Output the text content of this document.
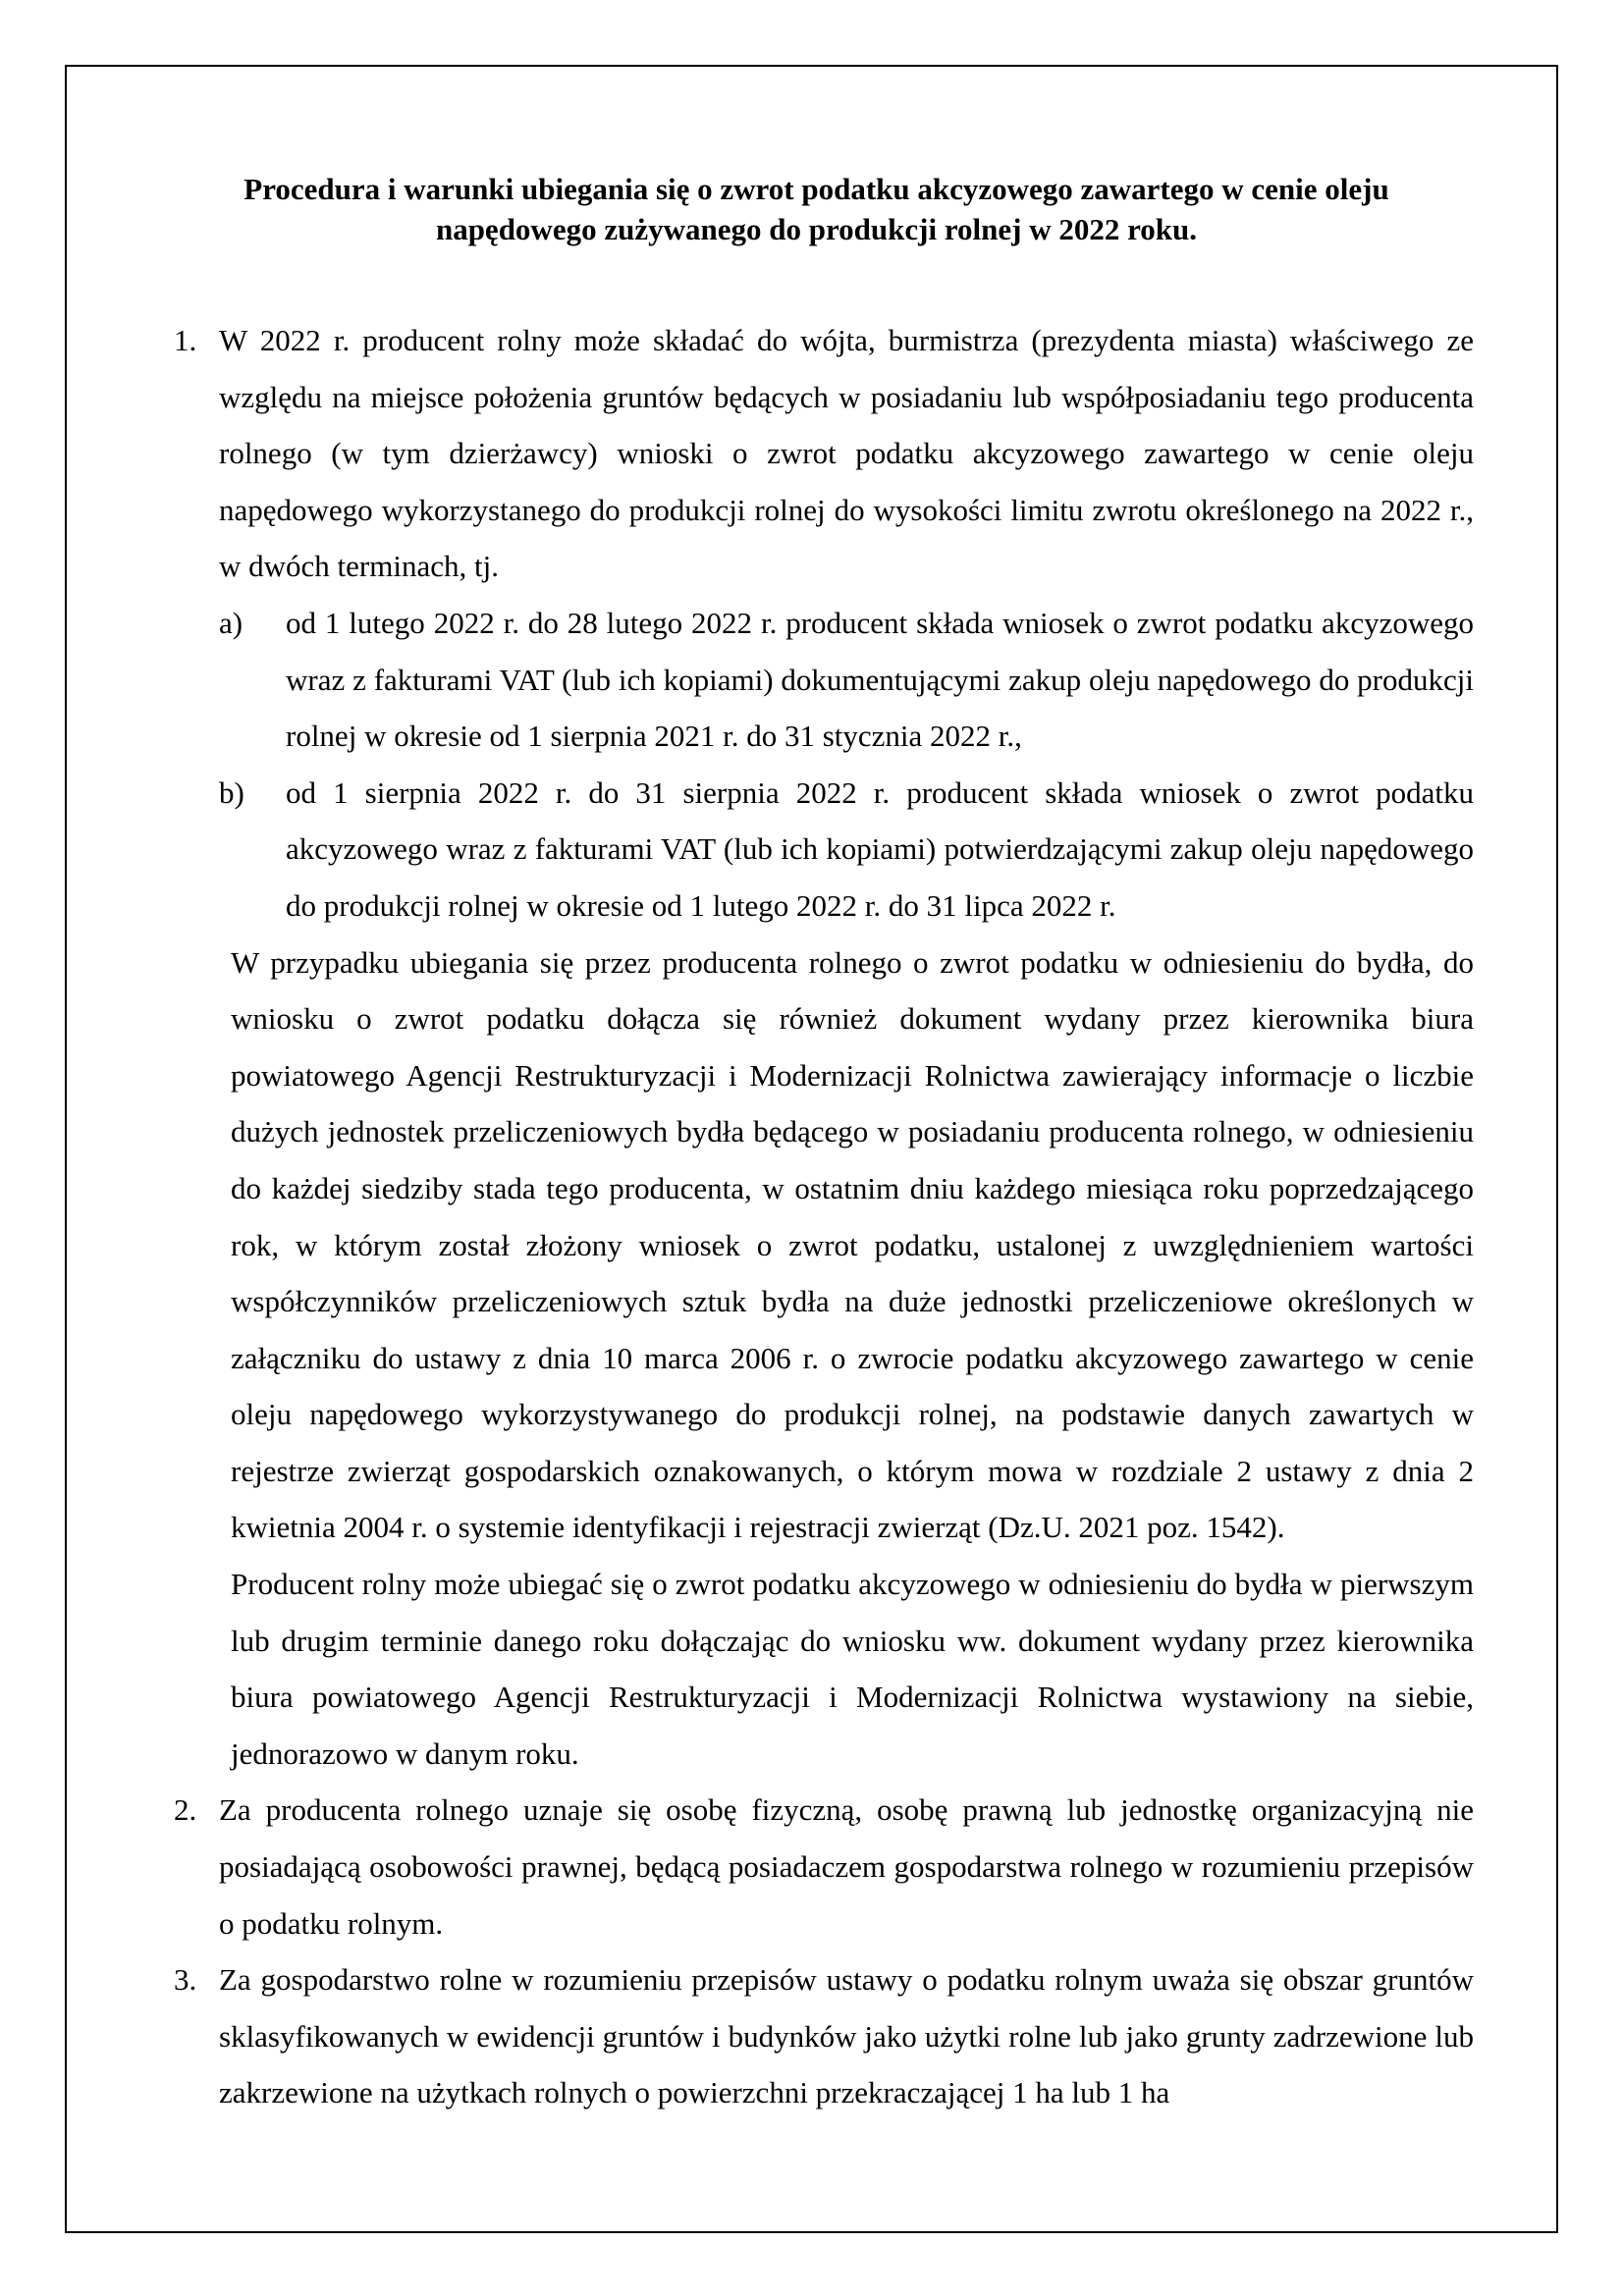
Procedura i warunki ubiegania się o zwrot podatku akcyzowego zawartego w cenie oleju
napędowego zużywanego do produkcji rolnej w 2022 roku.
1. W 2022 r. producent rolny może składać do wójta, burmistrza (prezydenta miasta) właściwego ze względu na miejsce położenia gruntów będących w posiadaniu lub współposiadaniu tego producenta rolnego (w tym dzierżawcy) wnioski o zwrot podatku akcyzowego zawartego w cenie oleju napędowego wykorzystanego do produkcji rolnej do wysokości limitu zwrotu określonego na 2022 r., w dwóch terminach, tj.

a) od 1 lutego 2022 r. do 28 lutego 2022 r. producent składa wniosek o zwrot podatku akcyzowego wraz z fakturami VAT (lub ich kopiami) dokumentującymi zakup oleju napędowego do produkcji rolnej w okresie od 1 sierpnia 2021 r. do 31 stycznia 2022 r.,
b) od 1 sierpnia 2022 r. do 31 sierpnia 2022 r. producent składa wniosek o zwrot podatku akcyzowego wraz z fakturami VAT (lub ich kopiami) potwierdzającymi zakup oleju napędowego do produkcji rolnej w okresie od 1 lutego 2022 r. do 31 lipca 2022 r.

W przypadku ubiegania się przez producenta rolnego o zwrot podatku w odniesieniu do bydła, do wniosku o zwrot podatku dołącza się również dokument wydany przez kierownika biura powiatowego Agencji Restrukturyzacji i Modernizacji Rolnictwa zawierający informacje o liczbie dużych jednostek przeliczeniowych bydła będącego w posiadaniu producenta rolnego, w odniesieniu do każdej siedziby stada tego producenta, w ostatnim dniu każdego miesiąca roku poprzedzającego rok, w którym został złożony wniosek o zwrot podatku, ustalonej z uwzględnieniem wartości współczynników przeliczeniowych sztuk bydła na duże jednostki przeliczeniowe określonych w załączniku do ustawy z dnia 10 marca 2006 r. o zwrocie podatku akcyzowego zawartego w cenie oleju napędowego wykorzystywanego do produkcji rolnej, na podstawie danych zawartych w rejestrze zwierząt gospodarskich oznakowanych, o którym mowa w rozdziale 2 ustawy z dnia 2 kwietnia 2004 r. o systemie identyfikacji i rejestracji zwierząt (Dz.U. 2021 poz. 1542).

Producent rolny może ubiegać się o zwrot podatku akcyzowego w odniesieniu do bydła w pierwszym lub drugim terminie danego roku dołączając do wniosku ww. dokument wydany przez kierownika biura powiatowego Agencji Restrukturyzacji i Modernizacji Rolnictwa wystawiony na siebie, jednorazowo w danym roku.

2. Za producenta rolnego uznaje się osobę fizyczną, osobę prawną lub jednostkę organizacyjną nie posiadającą osobowości prawnej, będącą posiadaczem gospodarstwa rolnego w rozumieniu przepisów o podatku rolnym.

3. Za gospodarstwo rolne w rozumieniu przepisów ustawy o podatku rolnym uważa się obszar gruntów sklasyfikowanych w ewidencji gruntów i budynków jako użytki rolne lub jako grunty zadrzewione lub zakrzewione na użytkach rolnych o powierzchni przekraczającej 1 ha lub 1 ha
